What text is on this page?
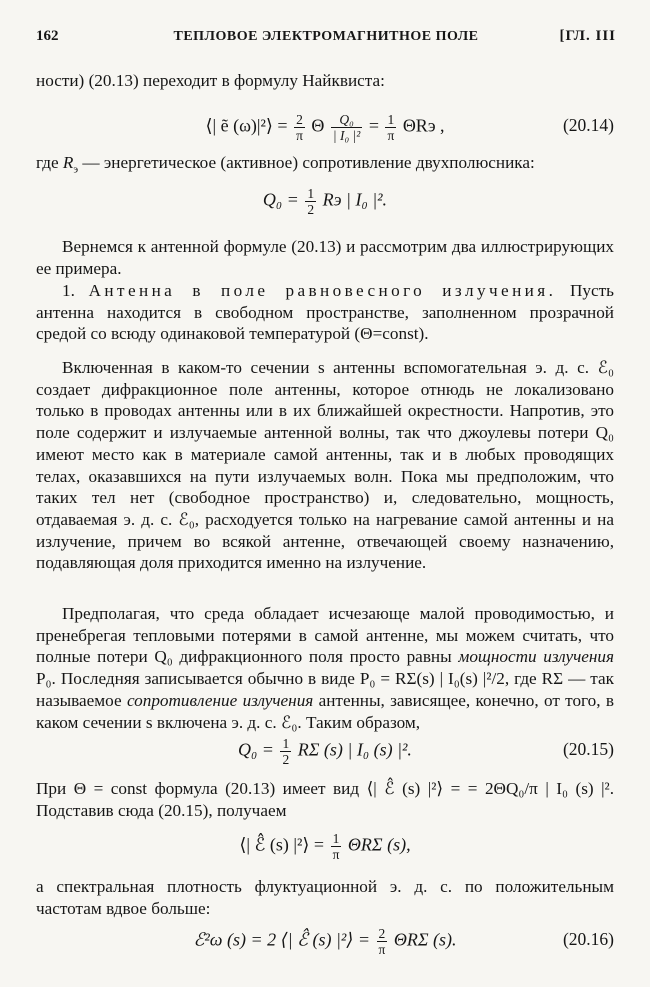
162	ТЕПЛОВОЕ ЭЛЕКТРОМАГНИТНОЕ ПОЛЕ	[ГЛ. III
ности) (20.13) переходит в формулу Найквиста:
⟨| ẽ (ω)|²⟩ = $\frac{2}{\pi}$ Θ $\frac{\text{Q₀}}{\text{| I₀ |²}} = \frac{1}{\pi}$ ΘRэ ,	(20.14)
где $R_э$ — энергетическое (активное) сопротивление двухполюсника:
$Q_0 = \frac{1}{2}$ Rэ | I₀ |².
Вернемся к антенной формуле (20.13) и рассмотрим два иллюстрирующих ее примера.
1. Антенна в поле равновесного излучения. Пусть антенна находится в свободном пространстве, заполненном прозрачной средой со всюду одинаковой температурой (Θ=const).
Включенная в каком-то сечении s антенны вспомогательная э. д. с. ℰ₀ создает дифракционное поле антенны, которое отнюдь не локализовано только в проводах антенны или в их ближайшей окрестности. Напротив, это поле содержит и излучаемые антенной волны, так что джоулевы потери Q₀ имеют место как в материале самой антенны, так и в любых проводящих телах, оказавшихся на пути излучаемых волн. Пока мы предположим, что таких тел нет (свободное пространство) и, следовательно, мощность, отдаваемая э. д. с. ℰ₀, расходуется только на нагревание самой антенны и на излучение, причем во всякой антенне, отвечающей своему назначению, подавляющая доля приходится именно на излучение.
Предполагая, что среда обладает исчезающе малой проводимостью, и пренебрегая тепловыми потерями в самой антенне, мы можем считать, что полные потери Q₀ дифракционного поля просто равны мощности излучения P₀. Последняя записывается обычно в виде P₀ = RΣ(s) | I₀(s) |²/2, где RΣ — так называемое сопротивление излучения антенны, зависящее, конечно, от того, в каком сечении s включена э. д. с. ℰ₀. Таким образом,
$Q_0 = \frac{1}{2}$ RΣ (s) | I₀ (s) |².	(20.15)
При Θ = const формула (20.13) имеет вид ⟨| ℰ̂ (s) |²⟩ = = 2ΘQ₀/π | I₀ (s) |². Подставив сюда (20.15), получаем
⟨| ℰ̂ (s) |²⟩ = $\frac{1}{\pi}$ ΘRΣ (s),
а спектральная плотность флуктуационной э. д. с. по положительным частотам вдвое больше:
ℰ²ω (s) = 2 ⟨| ℰ̂ (s) |²⟩ = $\frac{2}{\pi}$ ΘRΣ (s).	(20.16)
